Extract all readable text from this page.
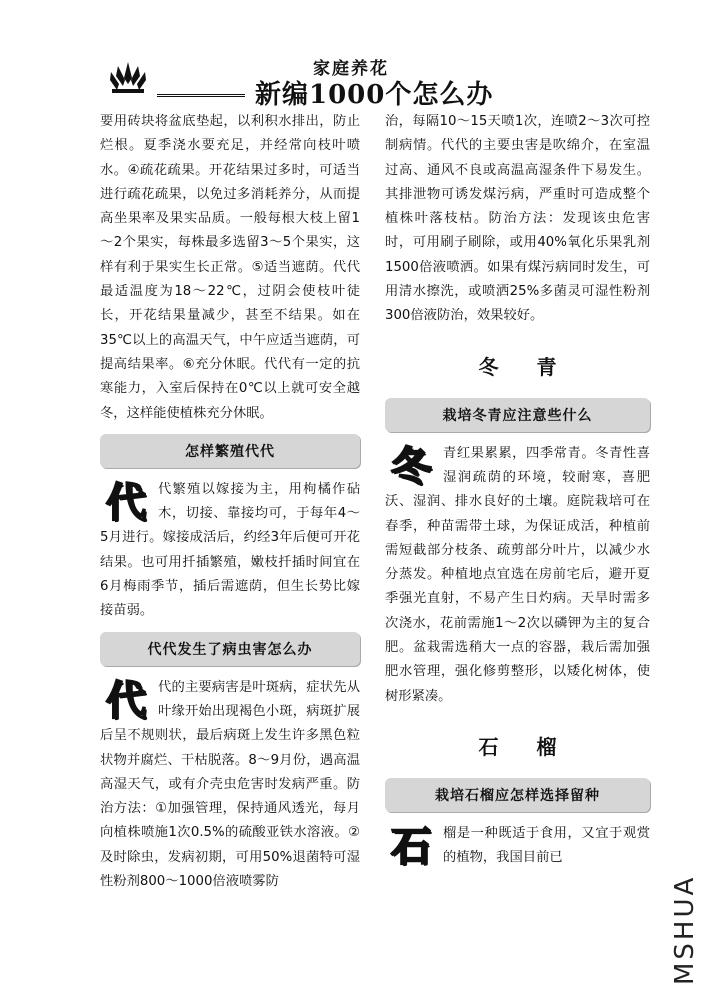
家庭养花
新编1000个怎么办

要用砖块将盆底垫起，以利积水排出，防止烂根。夏季浇水要充足，并经常向枝叶喷水。④疏花疏果。开花结果过多时，可适当进行疏花疏果，以免过多消耗养分，从而提高坐果率及果实品质。一般每根大枝上留1～2个果实，每株最多选留3～5个果实，这样有利于果实生长正常。⑤适当遮荫。代代最适温度为18～22℃，过阴会使枝叶徒长，开花结果量减少，甚至不结果。如在35℃以上的高温天气，中午应适当遮荫，可提高结果率。⑥充分休眠。代代有一定的抗寒能力，入室后保持在0℃以上就可安全越冬，这样能使植株充分休眠。

怎样繁殖代代

代代繁殖以嫁接为主，用枸橘作砧木，切接、靠接均可，于每年4～5月进行。嫁接成活后，约经3年后便可开花结果。也可用扦插繁殖，嫩枝扦插时间宜在6月梅雨季节，插后需遮荫，但生长势比嫁接苗弱。

代代发生了病虫害怎么办

代代的主要病害是叶斑病，症状先从叶缘开始出现褐色小斑，病斑扩展后呈不规则状，最后病斑上发生许多黑色粒状物并腐烂、干枯脱落。8～9月份，遇高温高湿天气，或有介壳虫危害时发病严重。防治方法：①加强管理，保持通风透光，每月向植株喷施1次0.5%的硫酸亚铁水溶液。②及时除虫，发病初期，可用50%退菌特可湿性粉剂800～1000倍液喷雾防

治，每隔10～15天喷1次，连喷2～3次可控制病情。代代的主要虫害是吹绵介，在室温过高、通风不良或高温高湿条件下易发生。其排泄物可诱发煤污病，严重时可造成整个植株叶落枝枯。防治方法：发现该虫危害时，可用刷子刷除，或用40%氧化乐果乳剂1500倍液喷洒。如果有煤污病同时发生，可用清水擦洗，或喷洒25%多菌灵可湿性粉剂300倍液防治，效果较好。

冬青
栽培冬青应注意些什么

冬青红果累累，四季常青。冬青性喜湿润疏荫的环境，较耐寒，喜肥沃、湿润、排水良好的土壤。庭院栽培可在春季，种苗需带土球，为保证成活，种植前需短截部分枝条、疏剪部分叶片，以减少水分蒸发。种植地点宜选在房前宅后，避开夏季强光直射，不易产生日灼病。天旱时需多次浇水，花前需施1～2次以磷钾为主的复合肥。盆栽需选稍大一点的容器，栽后需加强肥水管理，强化修剪整形，以矮化树体，使树形紧凑。

石榴
栽培石榴应怎样选择留种

石榴是一种既适于食用，又宜于观赏的植物，我国目前已

MSHUA
